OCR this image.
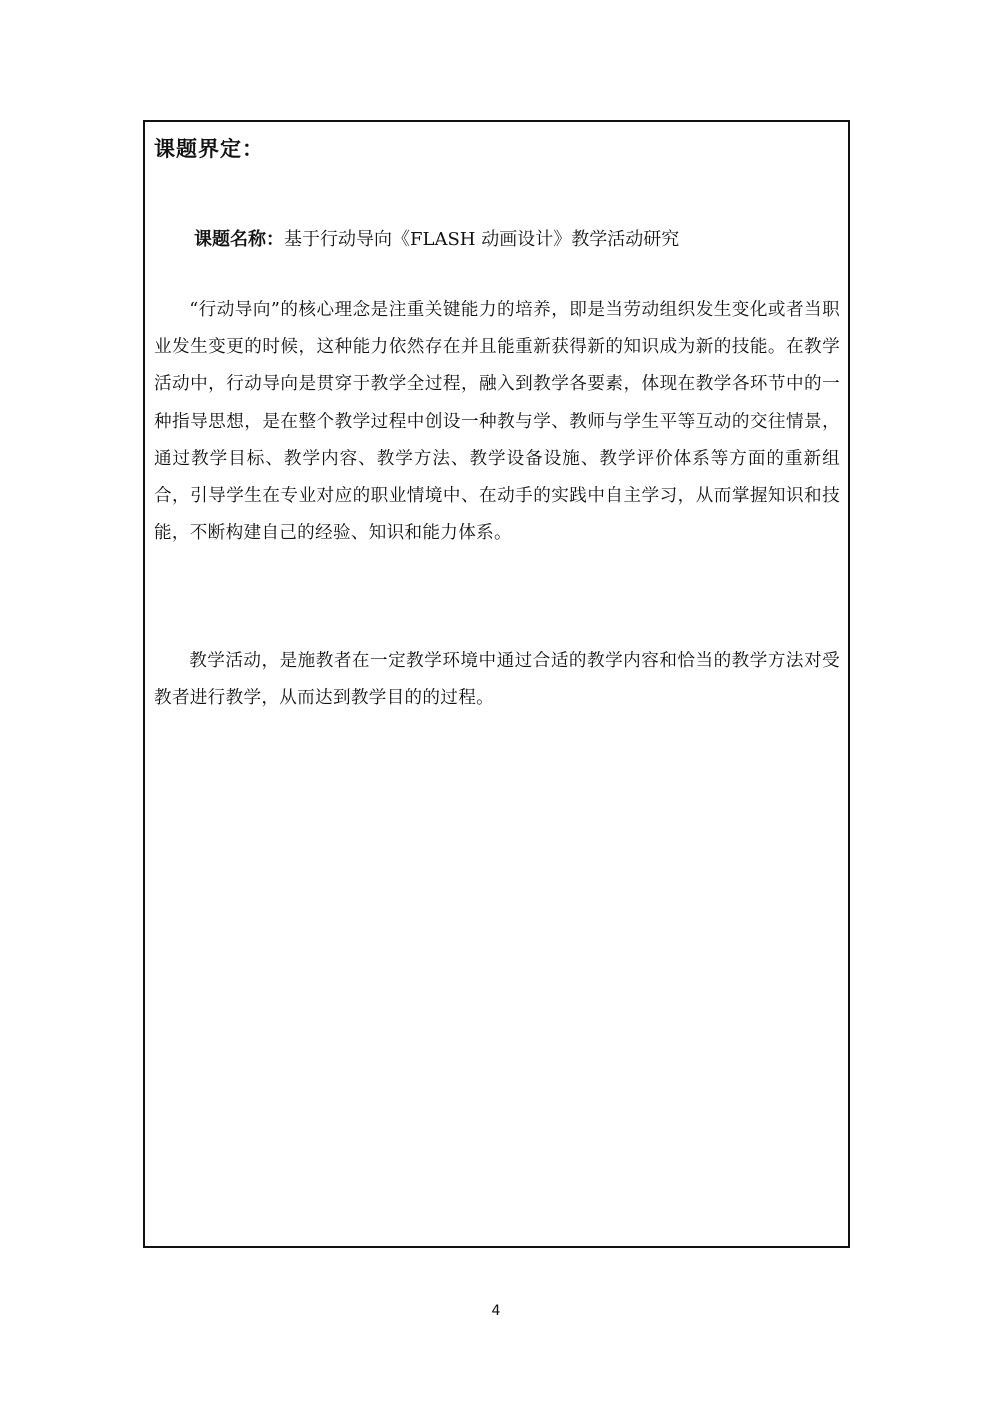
课题界定：
课题名称：基于行动导向《FLASH 动画设计》教学活动研究

“行动导向”的核心理念是注重关键能力的培养，即是当劳动组织发生变化或者当职业发生变更的时候，这种能力依然存在并且能重新获得新的知识成为新的技能。在教学活动中，行动导向是贯穿于教学全过程，融入到教学各要素，体现在教学各环节中的一种指导思想，是在整个教学过程中创设一种教与学、教师与学生平等互动的交往情景，通过教学目标、教学内容、教学方法、教学设备设施、教学评价体系等方面的重新组合，引导学生在专业对应的职业情境中、在动手的实践中自主学习，从而掌握知识和技能，不断构建自己的经验、知识和能力体系。

教学活动，是施教者在一定教学环境中通过合适的教学内容和恰当的教学方法对受教者进行教学，从而达到教学目的的过程。

4
